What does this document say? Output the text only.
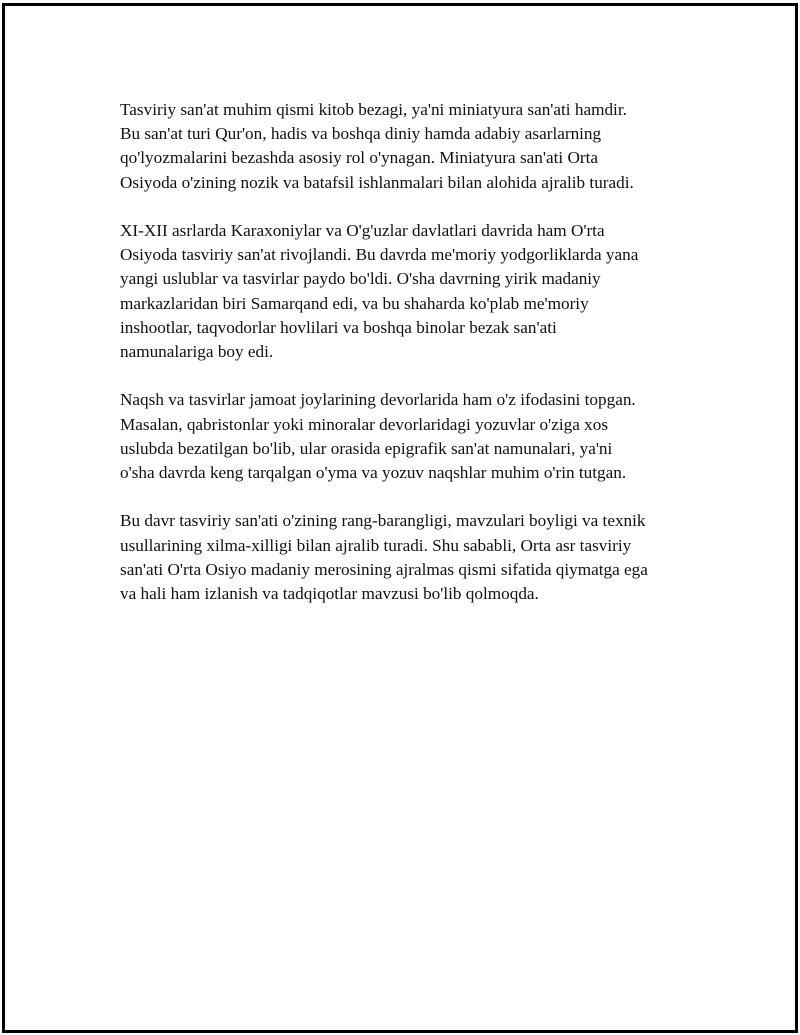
Tasviriy san'at muhim qismi kitob bezagi, ya'ni miniatyura san'ati hamdir.
Bu san'at turi Qur'on, hadis va boshqa diniy hamda adabiy asarlarning
qo'lyozmalarini bezashda asosiy rol o'ynagan. Miniatyura san'ati Orta
Osiyoda o'zining nozik va batafsil ishlanmalari bilan alohida ajralib turadi.

XI-XII asrlarda Karaxoniylar va O'g'uzlar davlatlari davrida ham O'rta
Osiyoda tasviriy san'at rivojlandi. Bu davrda me'moriy yodgorliklarda yana
yangi uslublar va tasvirlar paydo bo'ldi. O'sha davrning yirik madaniy
markazlaridan biri Samarqand edi, va bu shaharda ko'plab me'moriy
inshootlar, taqvodorlar hovlilari va boshqa binolar bezak san'ati
namunalariga boy edi.

Naqsh va tasvirlar jamoat joylarining devorlarida ham o'z ifodasini topgan.
Masalan, qabristonlar yoki minoralar devorlaridagi yozuvlar o'ziga xos
uslubda bezatilgan bo'lib, ular orasida epigrafik san'at namunalari, ya'ni
o'sha davrda keng tarqalgan o'yma va yozuv naqshlar muhim o'rin tutgan.

Bu davr tasviriy san'ati o'zining rang-barangligi, mavzulari boyligi va texnik
usullarining xilma-xilligi bilan ajralib turadi. Shu sababli, Orta asr tasviriy
san'ati O'rta Osiyo madaniy merosining ajralmas qismi sifatida qiymatga ega
va hali ham izlanish va tadqiqotlar mavzusi bo'lib qolmoqda.
